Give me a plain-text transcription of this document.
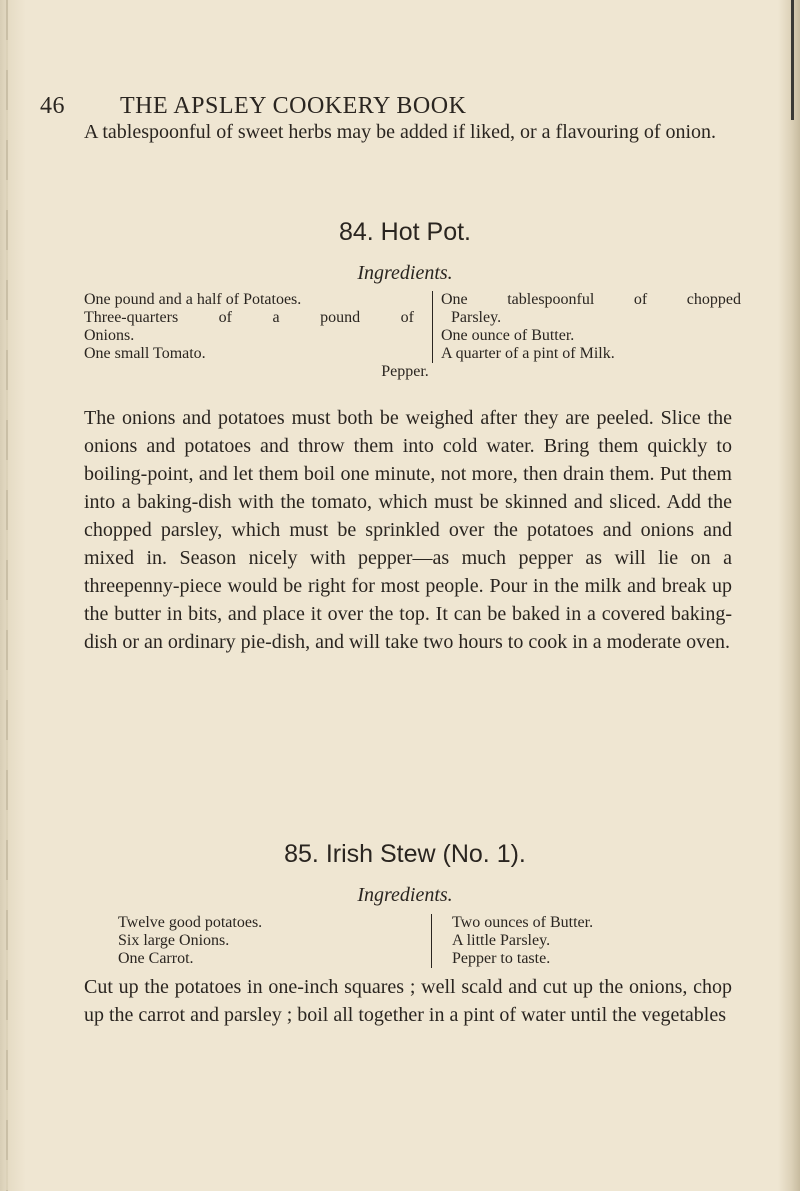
46 THE APSLEY COOKERY BOOK

A tablespoonful of sweet herbs may be added if liked, or a flavouring of onion.

84. Hot Pot.
Ingredients.
One pound and a half of Potatoes.
Three-quarters of a pound of
Onions.
One small Tomato.
One tablespoonful of chopped
Parsley.
One ounce of Butter.
A quarter of a pint of Milk.
Pepper.

The onions and potatoes must both be weighed after they are peeled. Slice the onions and potatoes and throw them into cold water. Bring them quickly to boiling-point, and let them boil one minute, not more, then drain them. Put them into a baking-dish with the tomato, which must be skinned and sliced. Add the chopped parsley, which must be sprinkled over the potatoes and onions and mixed in. Season nicely with pepper—as much pepper as will lie on a threepenny-piece would be right for most people. Pour in the milk and break up the butter in bits, and place it over the top. It can be baked in a covered baking-dish or an ordinary pie-dish, and will take two hours to cook in a moderate oven.

85. Irish Stew (No. 1).
Ingredients.
Twelve good potatoes.
Six large Onions.
One Carrot.
Two ounces of Butter.
A little Parsley.
Pepper to taste.

Cut up the potatoes in one-inch squares ; well scald and cut up the onions, chop up the carrot and parsley ; boil all together in a pint of water until the vegetables
